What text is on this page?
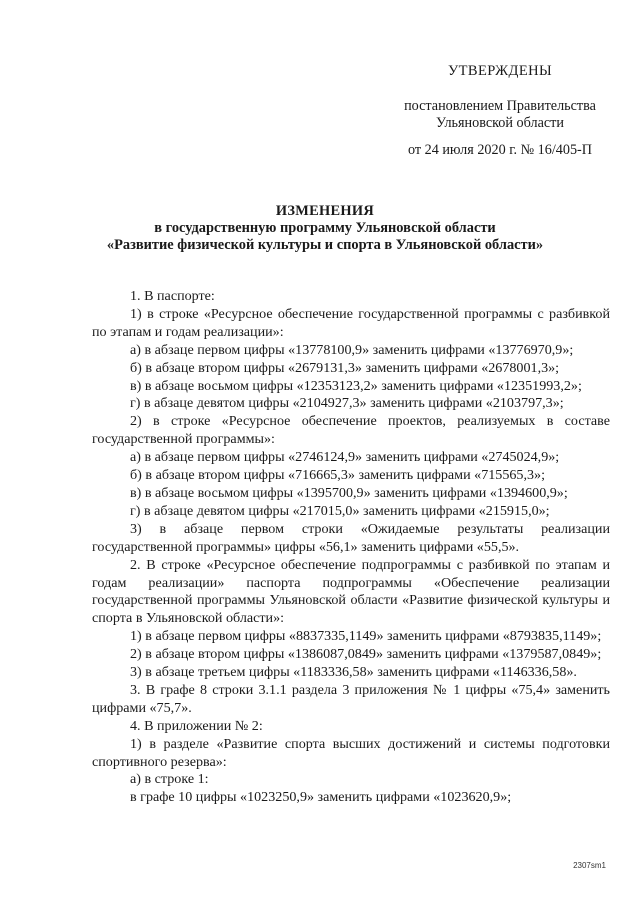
УТВЕРЖДЕНЫ
постановлением Правительства
Ульяновской области
от 24 июля 2020 г. № 16/405-П
ИЗМЕНЕНИЯ
в государственную программу Ульяновской области
«Развитие физической культуры и спорта в Ульяновской области»

1. В паспорте:

1) в строке «Ресурсное обеспечение государственной программы с разбивкой по этапам и годам реализации»:

а) в абзаце первом цифры «13778100,9» заменить цифрами «13776970,9»;

б) в абзаце втором цифры «2679131,3» заменить цифрами «2678001,3»;

в) в абзаце восьмом цифры «12353123,2» заменить цифрами «12351993,2»;

г) в абзаце девятом цифры «2104927,3» заменить цифрами «2103797,3»;

2) в строке «Ресурсное обеспечение проектов, реализуемых в составе государственной программы»:

а) в абзаце первом цифры «2746124,9» заменить цифрами «2745024,9»;

б) в абзаце втором цифры «716665,3» заменить цифрами «715565,3»;

в) в абзаце восьмом цифры «1395700,9» заменить цифрами «1394600,9»;

г) в абзаце девятом цифры «217015,0» заменить цифрами «215915,0»;

3) в абзаце первом строки «Ожидаемые результаты реализации государственной программы» цифры «56,1» заменить цифрами «55,5».

2. В строке «Ресурсное обеспечение подпрограммы с разбивкой по этапам и годам реализации» паспорта подпрограммы «Обеспечение реализации государственной программы Ульяновской области «Развитие физической культуры и спорта в Ульяновской области»:

1) в абзаце первом цифры «8837335,1149» заменить цифрами «8793835,1149»;

2) в абзаце втором цифры «1386087,0849» заменить цифрами «1379587,0849»;

3) в абзаце третьем цифры «1183336,58» заменить цифрами «1146336,58».

3. В графе 8 строки 3.1.1 раздела 3 приложения № 1 цифры «75,4» заменить цифрами «75,7».

4. В приложении № 2:

1) в разделе «Развитие спорта высших достижений и системы подготовки спортивного резерва»:

а) в строке 1:

в графе 10 цифры «1023250,9» заменить цифрами «1023620,9»;

2307sm1
